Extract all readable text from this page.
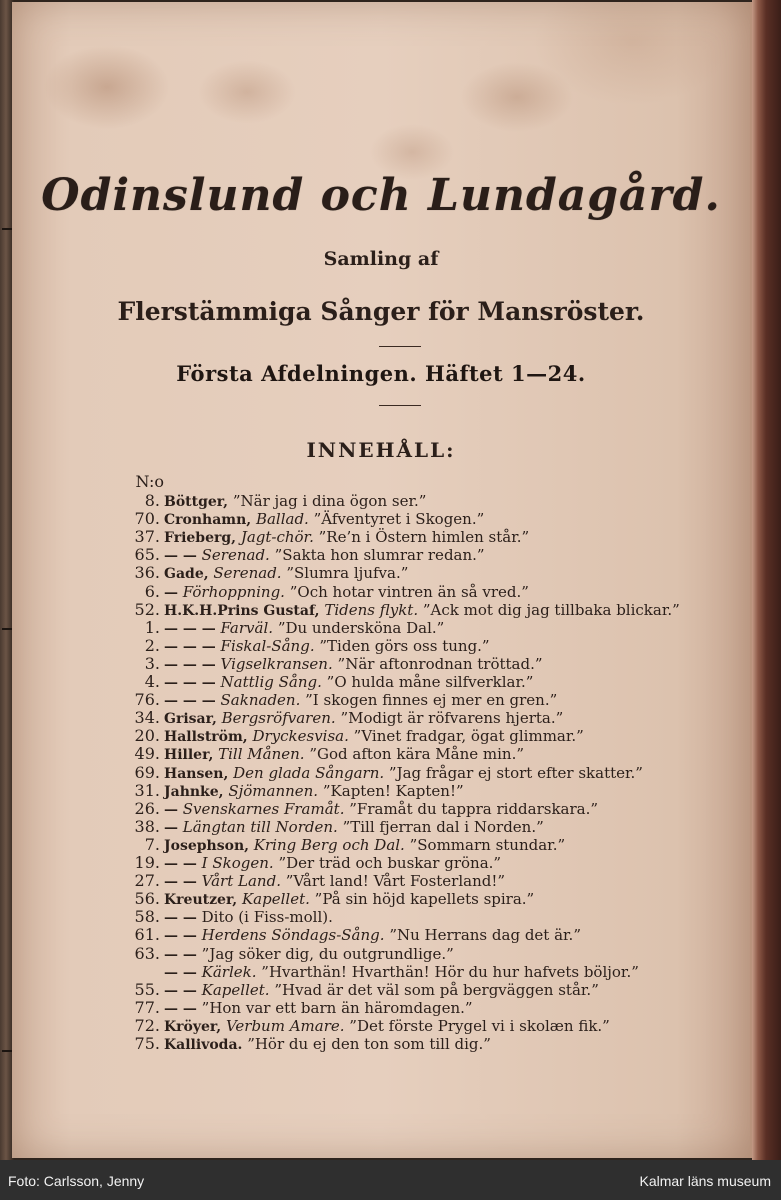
Odinslund och Lundagård.
Samling af
Flerstämmiga Sånger för Mansröster.
Första Afdelningen. Häftet 1—24.
INNEHÅLL:
N:o
8. Böttger, ”När jag i dina ögon ser.”
70. Cronhamn, Ballad. ”Äfventyret i Skogen.”
37. Frieberg, Jagt-chör. ”Re’n i Östern himlen står.”
65. — — Serenad. ”Sakta hon slumrar redan.”
36. Gade, Serenad. ”Slumra ljufva.”
6. — Förhoppning. ”Och hotar vintren än så vred.”
52. H.K.H.Prins Gustaf, Tidens flykt. ”Ack mot dig jag tillbaka blickar.”
1. — — — Farväl. ”Du undersköna Dal.”
2. — — — Fiskal-Sång. ”Tiden görs oss tung.”
3. — — — Vigselkransen. ”När aftonrodnan tröttad.”
4. — — — Nattlig Sång. ”O hulda måne silfverklar.”
76. — — — Saknaden. ”I skogen finnes ej mer en gren.”
34. Grisar, Bergsröfvaren. ”Modigt är röfvarens hjerta.”
20. Hallström, Dryckesvisa. ”Vinet fradgar, ögat glimmar.”
49. Hiller, Till Månen. ”God afton kära Måne min.”
69. Hansen, Den glada Sångarn. ”Jag frågar ej stort efter skatter.”
31. Jahnke, Sjömannen. ”Kapten! Kapten!”
26. — Svenskarnes Framåt. ”Framåt du tappra riddarskara.”
38. — Längtan till Norden. ”Till fjerran dal i Norden.”
7. Josephson, Kring Berg och Dal. ”Sommarn stundar.”
19. — — I Skogen. ”Der träd och buskar gröna.”
27. — — Vårt Land. ”Vårt land! Vårt Fosterland!”
56. Kreutzer, Kapellet. ”På sin höjd kapellets spira.”
58. — — Dito (i Fiss-moll).
61. — — Herdens Söndags-Sång. ”Nu Herrans dag det är.”
63. — — ”Jag söker dig, du outgrundlige.”
— — Kärlek. ”Hvarthän! Hvarthän! Hör du hur hafvets böljor.”
55. — — Kapellet. ”Hvad är det väl som på bergväggen står.”
77. — — ”Hon var ett barn än häromdagen.”
72. Kröyer, Verbum Amare. ”Det förste Prygel vi i skolæn fik.”
75. Kallivoda. ”Hör du ej den ton som till dig.”
Foto: Carlsson, Jenny	Kalmar läns museum
